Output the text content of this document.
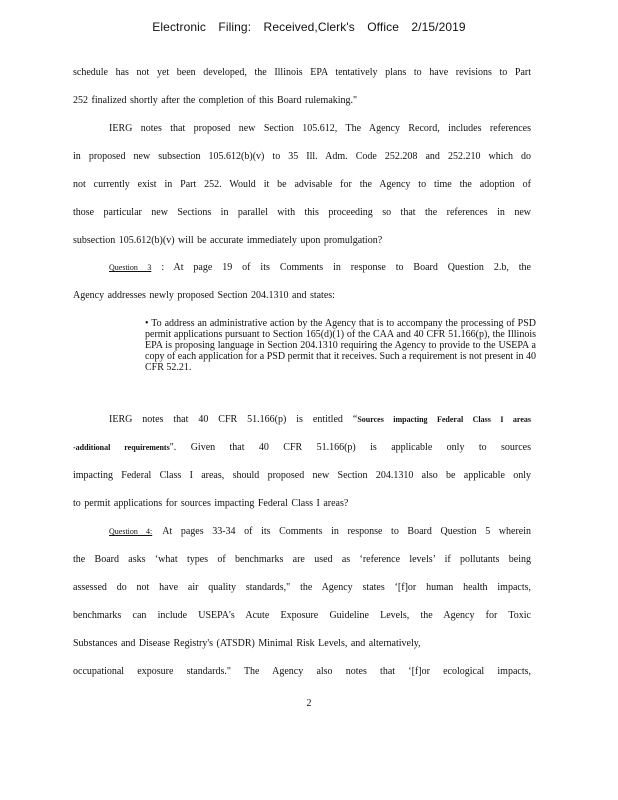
Electronic Filing: Received,Clerk's Office 2/15/2019
schedule has not yet been developed, the Illinois EPA tentatively plans to have revisions to Part
252 finalized shortly after the completion of this Board rulemaking."
IERG notes that proposed new Section 105.612, The Agency Record, includes references
in proposed new subsection 105.612(b)(v) to 35 Ill. Adm. Code 252.208 and 252.210 which do
not currently exist in Part 252. Would it be advisable for the Agency to time the adoption of
those particular new Sections in parallel with this proceeding so that the references in new
subsection 105.612(b)(v) will be accurate immediately upon promulgation?
Question 3 : At page 19 of its Comments in response to Board Question 2.b, the
Agency addresses newly proposed Section 204.1310 and states:
• To address an administrative action by the Agency that is to accompany the processing of PSD permit applications pursuant to Section 165(d)(1) of the CAA and 40 CFR 51.166(p), the Illinois EPA is proposing language in Section 204.1310 requiring the Agency to provide to the USEPA a copy of each application for a PSD permit that it receives. Such a requirement is not present in 40 CFR 52.21.
IERG notes that 40 CFR 51.166(p) is entitled “Sources impacting Federal Class I areas
-additional requirements". Given that 40 CFR 51.166(p) is applicable only to sources
impacting Federal Class I areas, should proposed new Section 204.1310 also be applicable only
to permit applications for sources impacting Federal Class I areas?
Question 4: At pages 33-34 of its Comments in response to Board Question 5 wherein
the Board asks ‘what types of benchmarks are used as ‘reference levels’ if pollutants being
assessed do not have air quality standards," the Agency states ‘[f]or human health impacts,
benchmarks can include USEPA's Acute Exposure Guideline Levels, the Agency for Toxic
Substances and Disease Registry's (ATSDR) Minimal Risk Levels, and alternatively,
occupational exposure standards." The Agency also notes that ‘[f]or ecological impacts,
2
